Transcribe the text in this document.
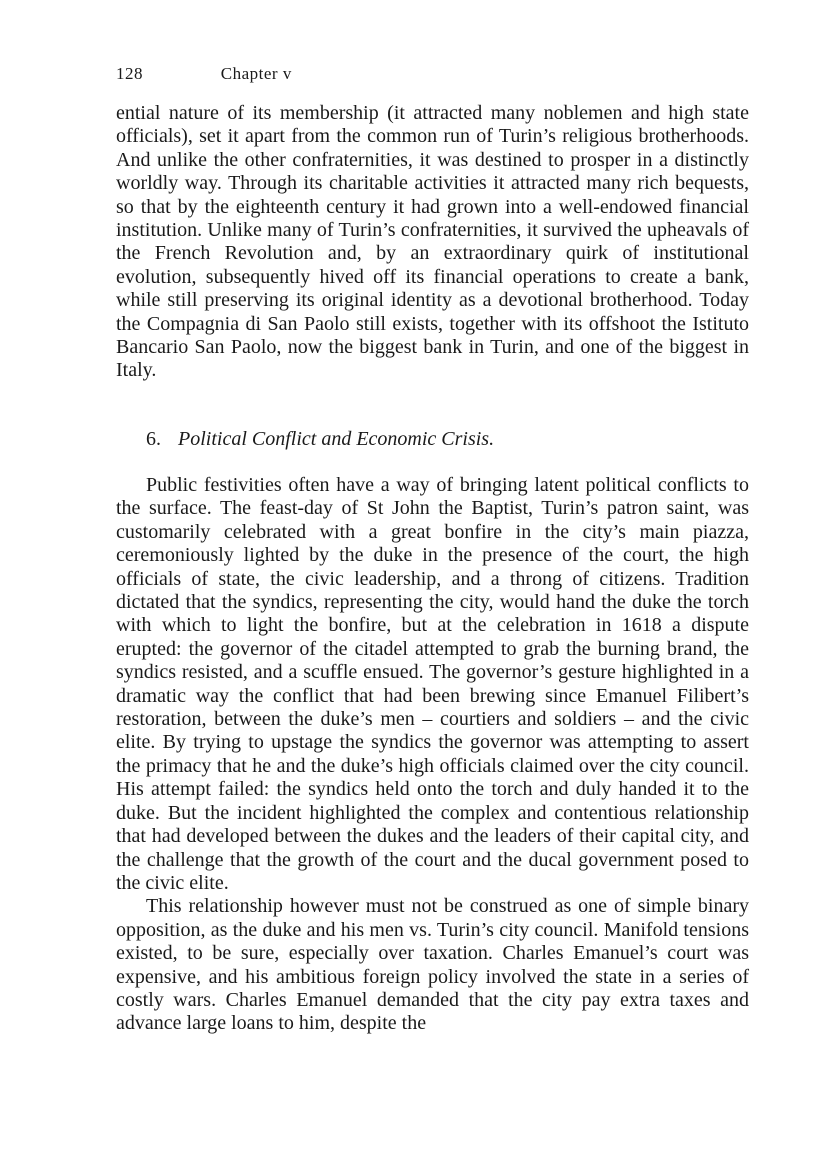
128	Chapter v

ential nature of its membership (it attracted many noblemen and high state officials), set it apart from the common run of Turin’s religious brotherhoods. And unlike the other confraternities, it was destined to prosper in a distinctly worldly way. Through its charitable activities it attracted many rich bequests, so that by the eighteenth century it had grown into a well-endowed financial institution. Unlike many of Turin’s confraternities, it survived the upheavals of the French Revolution and, by an extraordinary quirk of institutional evolution, subsequently hived off its financial operations to create a bank, while still preserving its original identity as a devotional brotherhood. Today the Compagnia di San Paolo still exists, together with its offshoot the Istituto Bancario San Paolo, now the biggest bank in Turin, and one of the biggest in Italy.

6. Political Conflict and Economic Crisis.

Public festivities often have a way of bringing latent political conflicts to the surface. The feast-day of St John the Baptist, Turin’s patron saint, was customarily celebrated with a great bonfire in the city’s main piazza, ceremoniously lighted by the duke in the presence of the court, the high officials of state, the civic leadership, and a throng of citizens. Tradition dictated that the syndics, representing the city, would hand the duke the torch with which to light the bonfire, but at the celebration in 1618 a dispute erupted: the governor of the citadel attempted to grab the burning brand, the syndics resisted, and a scuffle ensued. The governor’s gesture highlighted in a dramatic way the conflict that had been brewing since Emanuel Filibert’s restoration, between the duke’s men – courtiers and soldiers – and the civic elite. By trying to upstage the syndics the governor was attempting to assert the primacy that he and the duke’s high officials claimed over the city council. His attempt failed: the syndics held onto the torch and duly handed it to the duke. But the incident highlighted the complex and contentious relationship that had developed between the dukes and the leaders of their capital city, and the challenge that the growth of the court and the ducal government posed to the civic elite.

This relationship however must not be construed as one of simple binary opposition, as the duke and his men vs. Turin’s city council. Manifold tensions existed, to be sure, especially over taxation. Charles Emanuel’s court was expensive, and his ambitious foreign policy involved the state in a series of costly wars. Charles Emanuel demanded that the city pay extra taxes and advance large loans to him, despite the
